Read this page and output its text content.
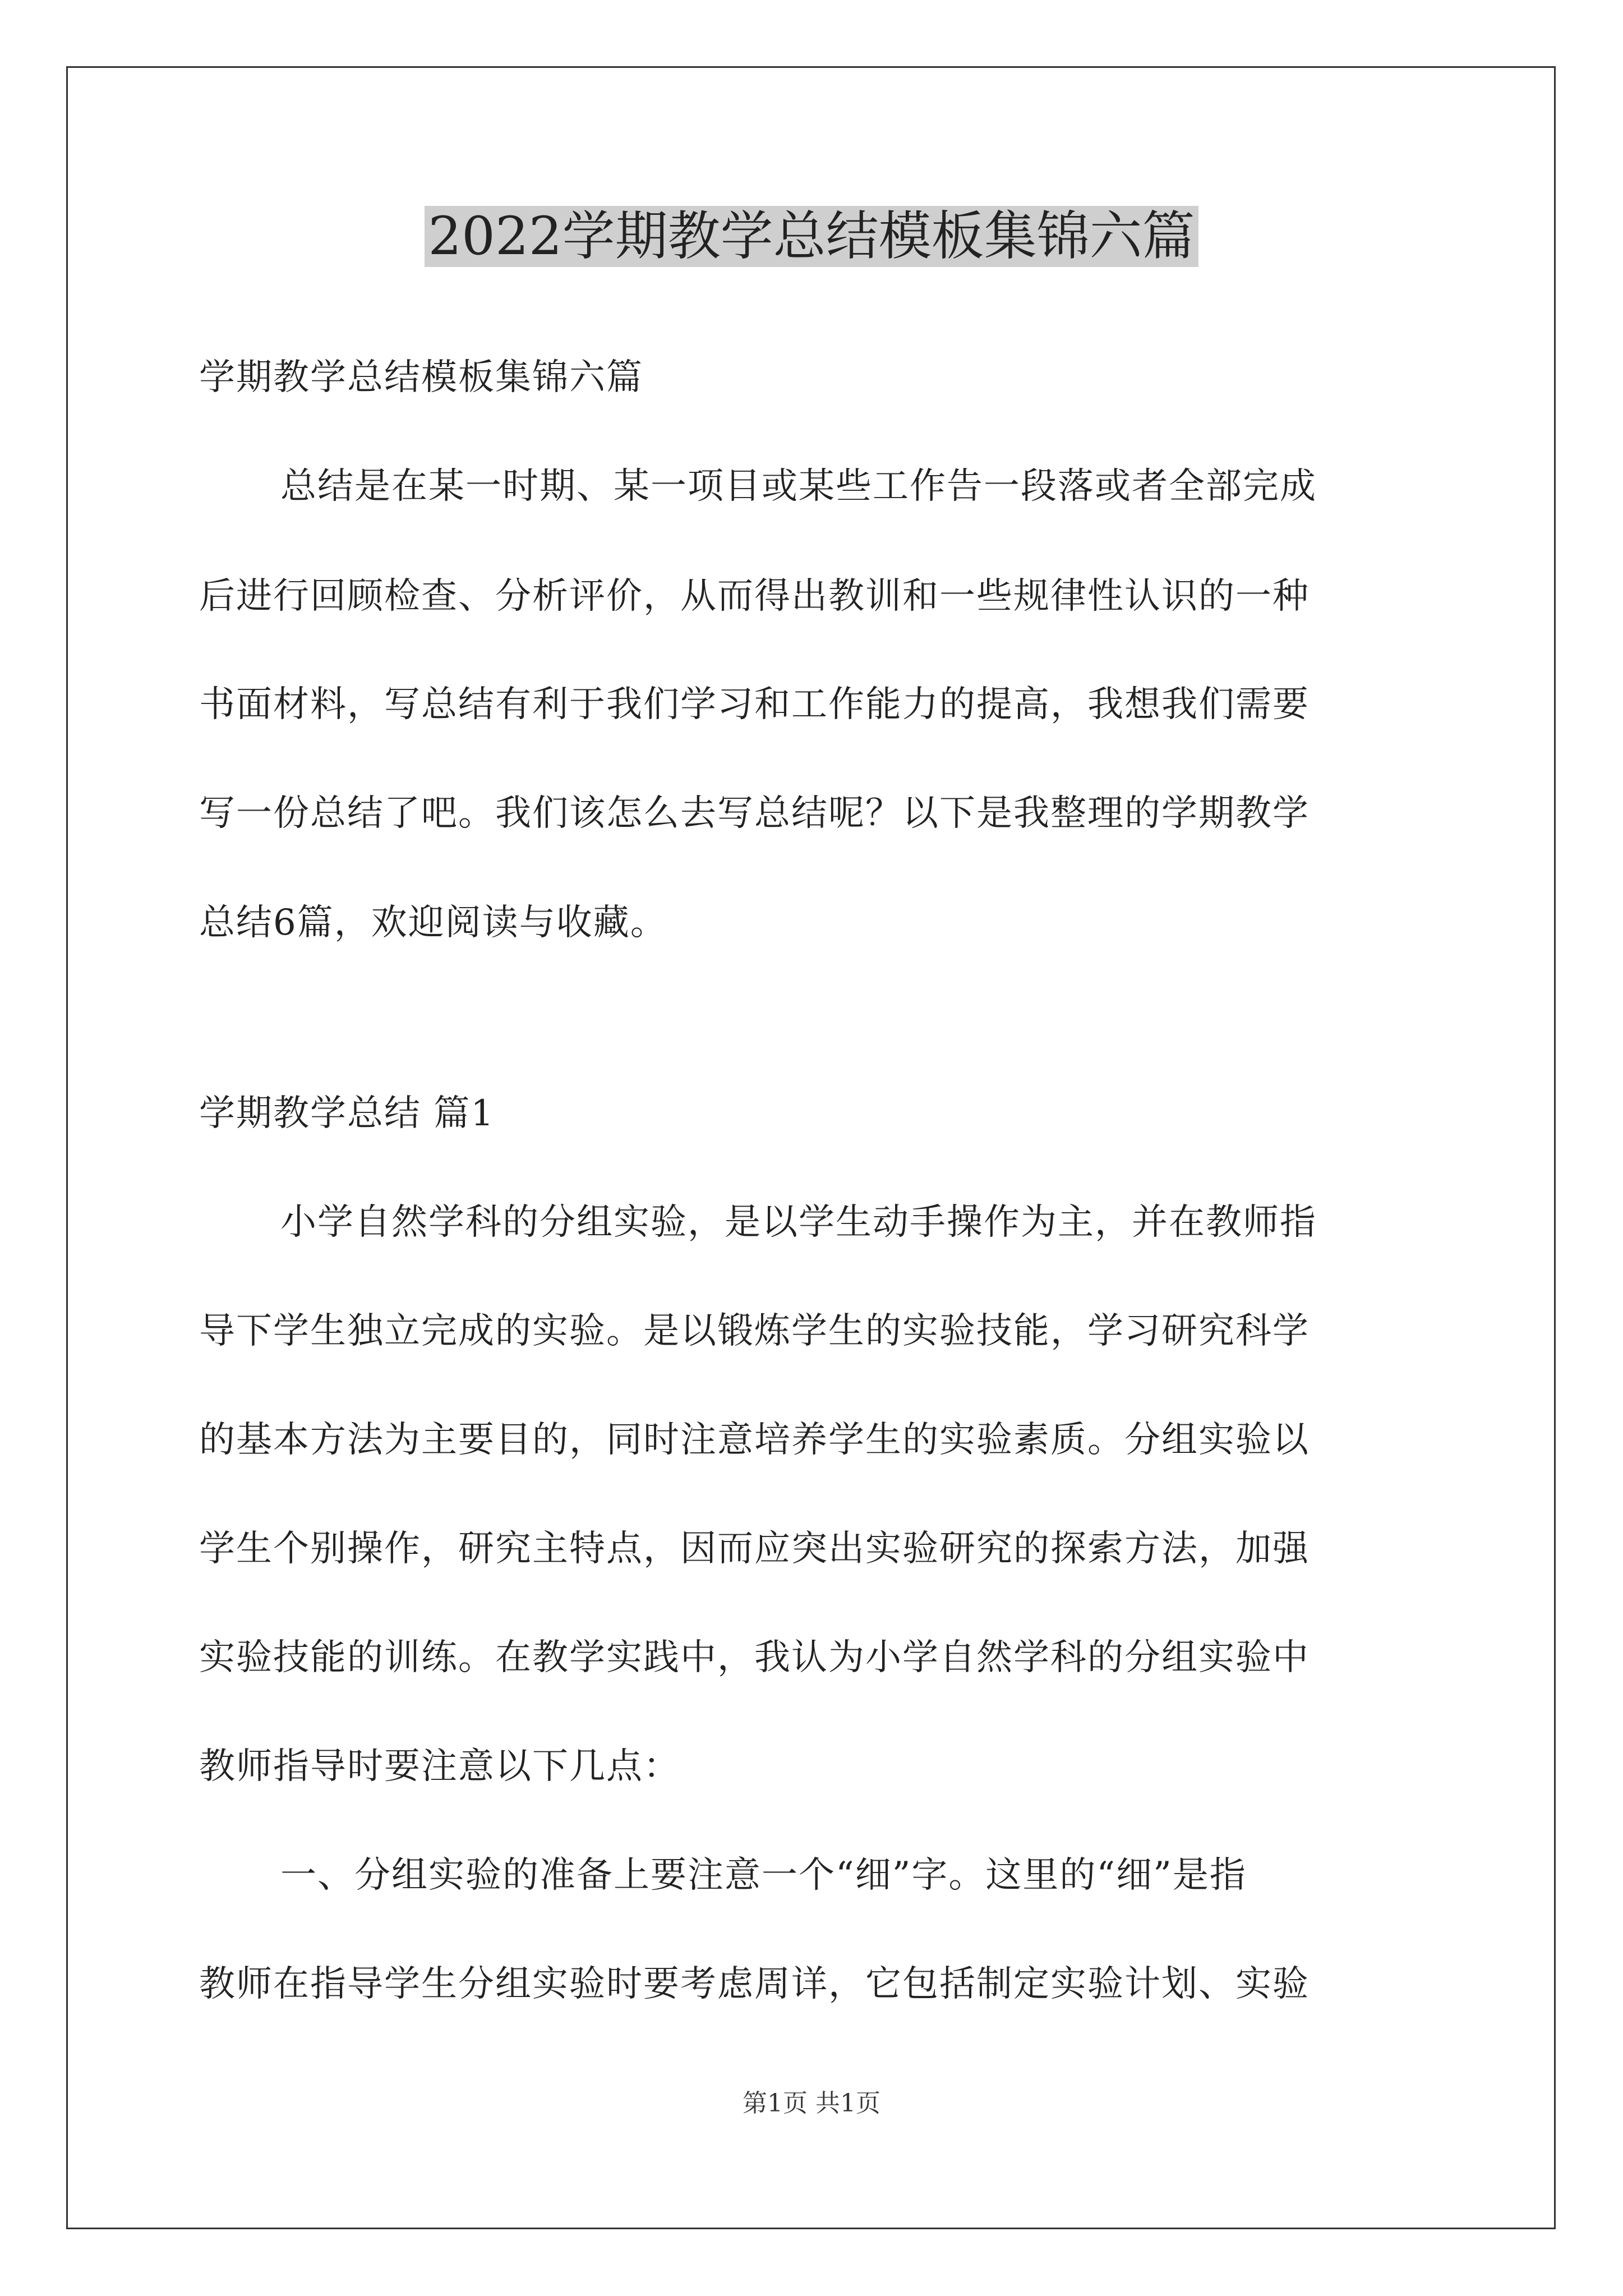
2022学期教学总结模板集锦六篇

学期教学总结模板集锦六篇

总结是在某一时期、某一项目或某些工作告一段落或者全部完成

后进行回顾检查、分析评价，从而得出教训和一些规律性认识的一种

书面材料，写总结有利于我们学习和工作能力的提高，我想我们需要

写一份总结了吧。我们该怎么去写总结呢？以下是我整理的学期教学

总结6篇，欢迎阅读与收藏。

学期教学总结 篇1

小学自然学科的分组实验，是以学生动手操作为主，并在教师指

导下学生独立完成的实验。是以锻炼学生的实验技能，学习研究科学

的基本方法为主要目的，同时注意培养学生的实验素质。分组实验以

学生个别操作，研究主特点，因而应突出实验研究的探索方法，加强

实验技能的训练。在教学实践中，我认为小学自然学科的分组实验中

教师指导时要注意以下几点：

一、分组实验的准备上要注意一个“细”字。这里的“细”是指

教师在指导学生分组实验时要考虑周详，它包括制定实验计划、实验

第1页 共1页
